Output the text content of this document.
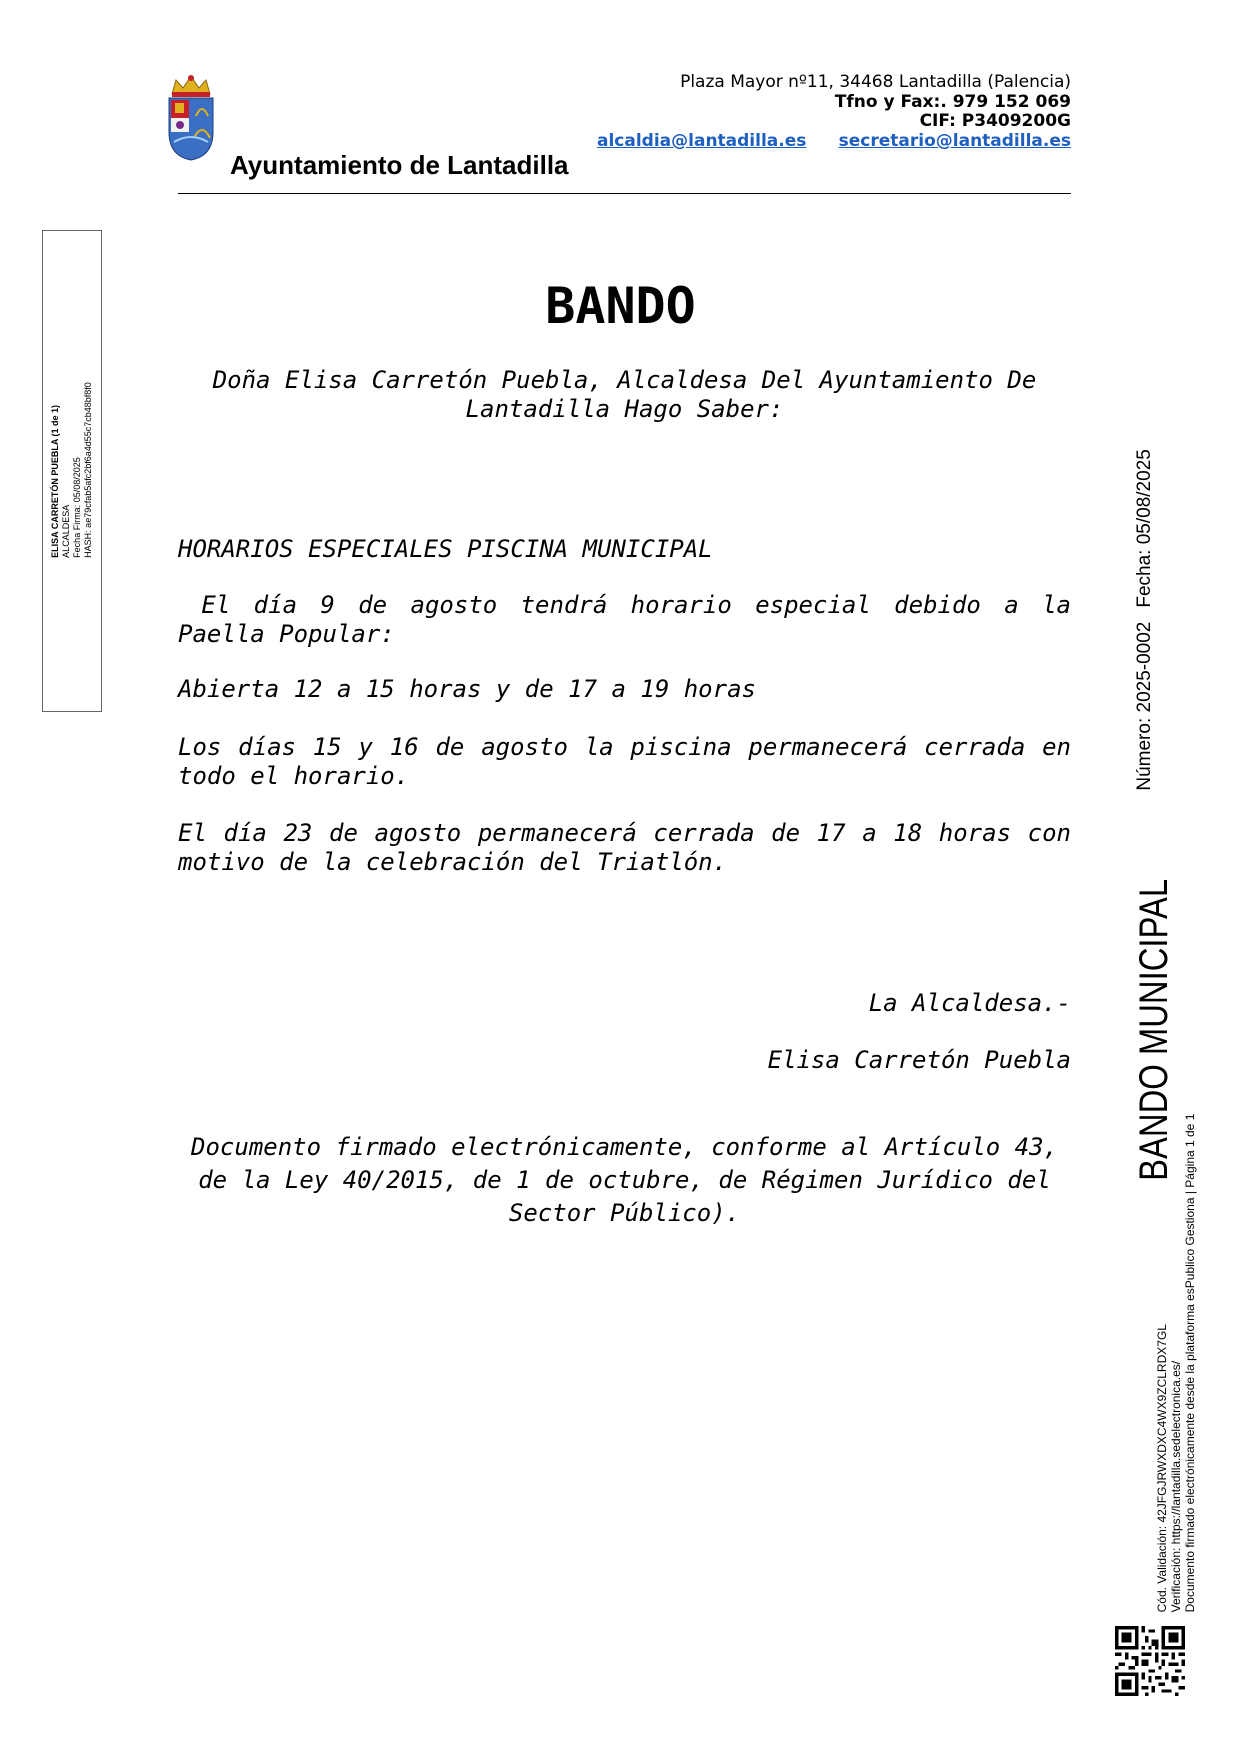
Ayuntamiento de Lantadilla
Plaza Mayor nº11, 34468 Lantadilla (Palencia)
Tfno y Fax:. 979 152 069
CIF: P3409200G
alcaldia@lantadilla.es secretario@lantadilla.es
ELISA CARRETÓN PUEBLA (1 de 1) ALCALDESA Fecha Firma: 05/08/2025 HASH: ae79cfab5afc2bf6a4d55c7cb48bf8f0
BANDO
Doña Elisa Carretón Puebla, Alcaldesa Del Ayuntamiento De Lantadilla Hago Saber:
HORARIOS ESPECIALES PISCINA MUNICIPAL
El día 9 de agosto tendrá horario especial debido a la Paella Popular:
Abierta 12 a 15 horas y de 17 a 19 horas
Los días 15 y 16 de agosto la piscina permanecerá cerrada en todo el horario.
El día 23 de agosto permanecerá cerrada de 17 a 18 horas con motivo de la celebración del Triatlón.
La Alcaldesa.-
Elisa Carretón Puebla
Documento firmado electrónicamente, conforme al Artículo 43, de la Ley 40/2015, de 1 de octubre, de Régimen Jurídico del Sector Público).
BANDO MUNICIPAL
Número: 2025-0002
Fecha: 05/08/2025
Cód. Validación: 42JFGJRWXDXC4WX9ZCLRDX7GL Verificación: https://lantadilla.sedelectronica.es/ Documento firmado electrónicamente desde la plataforma esPublico Gestiona | Página 1 de 1
